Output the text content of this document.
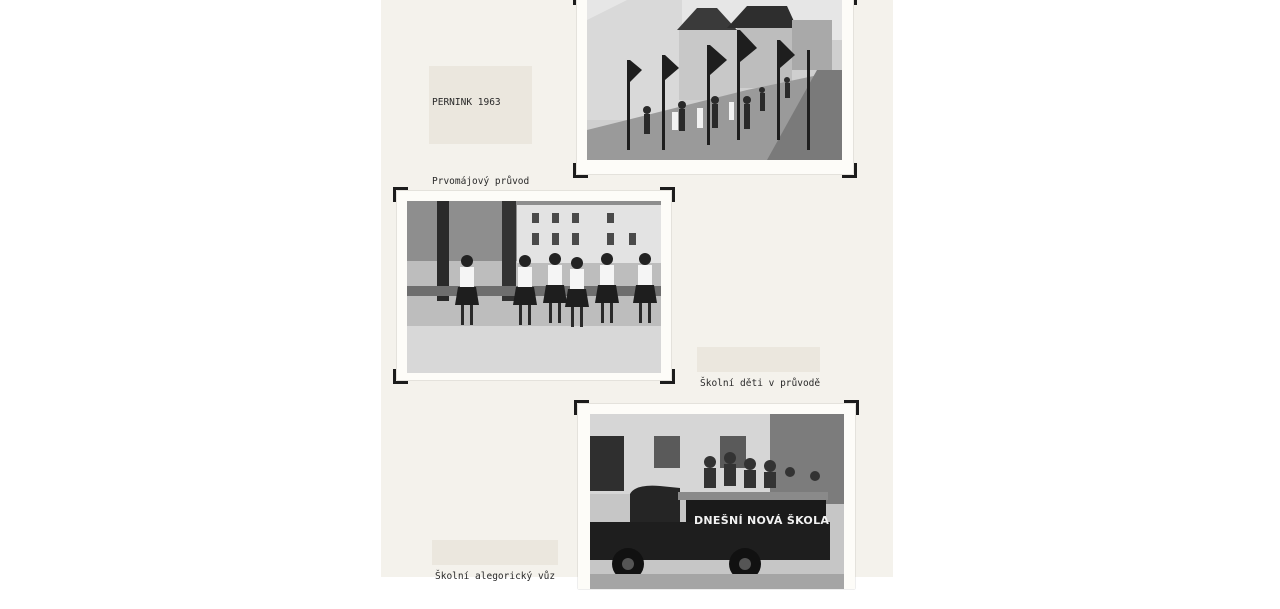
PERNINK 1963

Prvomájový průvod

Školní děti v průvodě

DNEŠNÍ NOVÁ ŠKOLA

Školní alegorický vůz
